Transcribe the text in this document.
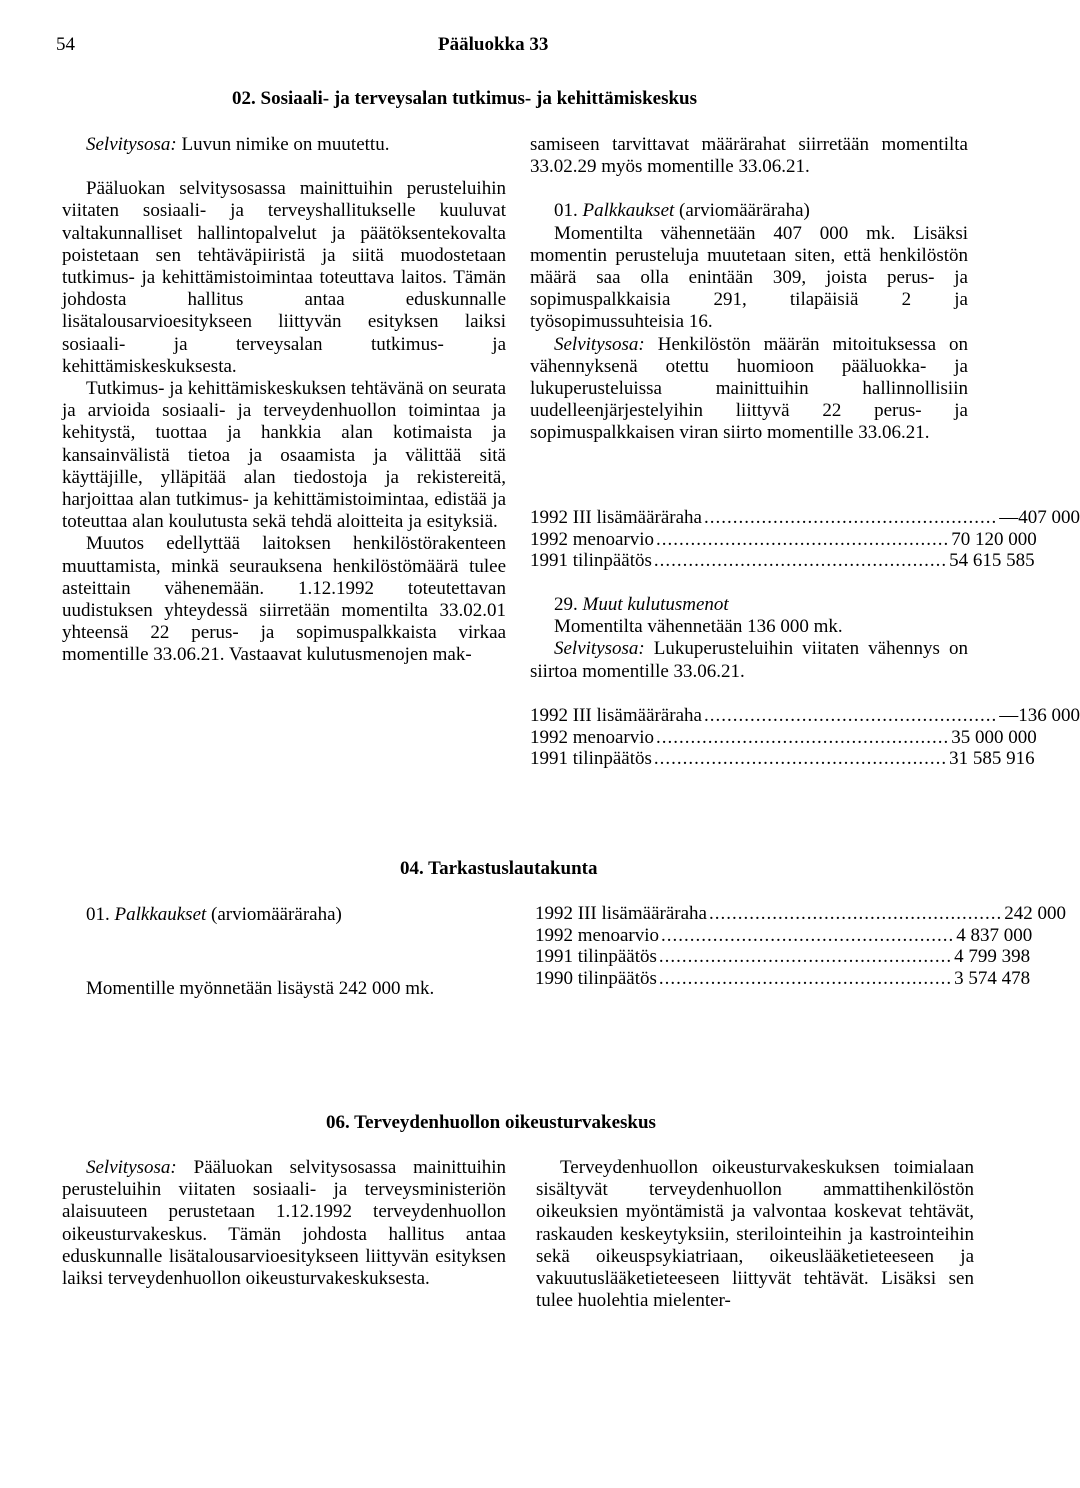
54	Pääluokka 33
02. Sosiaali- ja terveysalan tutkimus- ja kehittämiskeskus

Selvitysosa: Luvun nimike on muutettu.

Pääluokan selvitysosassa mainittuihin perusteluihin viitaten sosiaali- ja terveyshallitukselle kuuluvat valtakunnalliset hallintopalvelut ja päätöksentekovalta poistetaan sen tehtäväpiiristä ja siitä muodostetaan tutkimus- ja kehittämistoimintaa toteuttava laitos. Tämän johdosta hallitus antaa eduskunnalle lisätalousarvioesitykseen liittyvän esityksen laiksi sosiaali- ja terveysalan tutkimus- ja kehittämiskeskuksesta.

Tutkimus- ja kehittämiskeskuksen tehtävänä on seurata ja arvioida sosiaali- ja terveydenhuollon toimintaa ja kehitystä, tuottaa ja hankkia alan kotimaista ja kansainvälistä tietoa ja osaamista ja välittää sitä käyttäjille, ylläpitää alan tiedostoja ja rekistereitä, harjoittaa alan tutkimus- ja kehittämistoimintaa, edistää ja toteuttaa alan koulutusta sekä tehdä aloitteita ja esityksiä.

Muutos edellyttää laitoksen henkilöstörakenteen muuttamista, minkä seurauksena henkilöstömäärä tulee asteittain vähenemään. 1.12.1992 toteutettavan uudistuksen yhteydessä siirretään momentilta 33.02.01 yhteensä 22 perus- ja sopimuspalkkaista virkaa momentille 33.06.21. Vastaavat kulutusmenojen mak-

samiseen tarvittavat määrärahat siirretään momentilta 33.02.29 myös momentille 33.06.21.

01. Palkkaukset (arviomääräraha)

Momentilta vähennetään 407 000 mk. Lisäksi momentin perusteluja muutetaan siten, että henkilöstön määrä saa olla enintään 309, joista perus- ja sopimuspalkkaisia 291, tilapäisiä 2 ja työsopimussuhteisia 16.

Selvitysosa: Henkilöstön määrän mitoituksessa on vähennyksenä otettu huomioon pääluokka- ja lukuperusteluissa mainittuihin hallinnollisiin uudelleenjärjestelyihin liittyvä 22 perus- ja sopimuspalkkaisen viran siirto momentille 33.06.21.

1992 III lisämääräraha ................................................... —407 000
1992 menoarvio ................................................... 70 120 000
1991 tilinpäätös ................................................... 54 615 585

29. Muut kulutusmenot

Momentilta vähennetään 136 000 mk.

Selvitysosa: Lukuperusteluihin viitaten vähennys on siirtoa momentille 33.06.21.

1992 III lisämääräraha ................................................... —136 000
1992 menoarvio ................................................... 35 000 000
1991 tilinpäätös ................................................... 31 585 916
04. Tarkastuslautakunta

01. Palkkaukset (arviomääräraha)

Momentille myönnetään lisäystä 242 000 mk.

1992 III lisämääräraha ................................................... 242 000
1992 menoarvio ................................................... 4 837 000
1991 tilinpäätös ................................................... 4 799 398
1990 tilinpäätös ................................................... 3 574 478
06. Terveydenhuollon oikeusturvakeskus

Selvitysosa: Pääluokan selvitysosassa mainittuihin perusteluihin viitaten sosiaali- ja terveysministeriön alaisuuteen perustetaan 1.12.1992 terveydenhuollon oikeusturvakeskus. Tämän johdosta hallitus antaa eduskunnalle lisätalousarvioesitykseen liittyvän esityksen laiksi terveydenhuollon oikeusturvakeskuksesta.

Terveydenhuollon oikeusturvakeskuksen toimialaan sisältyvät terveydenhuollon ammattihenkilöstön oikeuksien myöntämistä ja valvontaa koskevat tehtävät, raskauden keskeytyksiin, sterilointeihin ja kastrointeihin sekä oikeuspsykiatriaan, oikeuslääketieteeseen ja vakuutuslääketieteeseen liittyvät tehtävät. Lisäksi sen tulee huolehtia mielenter-
